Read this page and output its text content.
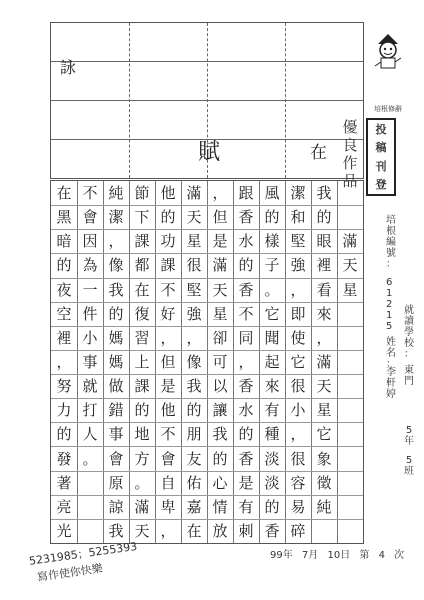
詠
賦	在
培根修辭
投
稿
刊
登
優
良
作
品
滿
天
星
我
的
眼
裡
看
來
，
滿
天
星
它
象
徵
純
潔
和
堅
強
，
即
使
它
很
小
，
很
容
易
碎
風
的
樣
子
。
它
聞
起
來
有
種
淡
淡
的
香
跟
香
水
的
香
不
同
，
香
水
的
香
是
有
刺
，
但
是
滿
天
星
卻
可
以
讓
我
的
心
情
放
滿
天
星
很
堅
強
，
像
我
的
朋
友
佑
嘉
在
他
的
功
課
不
好
，
但
是
他
不
會
自
卑
，
節
下
課
都
在
復
習
上
課
的
地
方
。
滿
天
純
潔
，
像
我
的
媽
媽
做
錯
事
會
原
諒
我
不
會
因
為
一
件
小
事
就
打
人
。
在
黑
暗
的
夜
空
裡
，
努
力
的
發
著
亮
光
培
根
編
號
：
6
1
2
1
5
姓
名
：
李
軒
婷
就
讀
學
校
：
東
門
5
年
5
班
99年 7月 10日 第 4 次
5231985；5255393
寫作使你快樂
